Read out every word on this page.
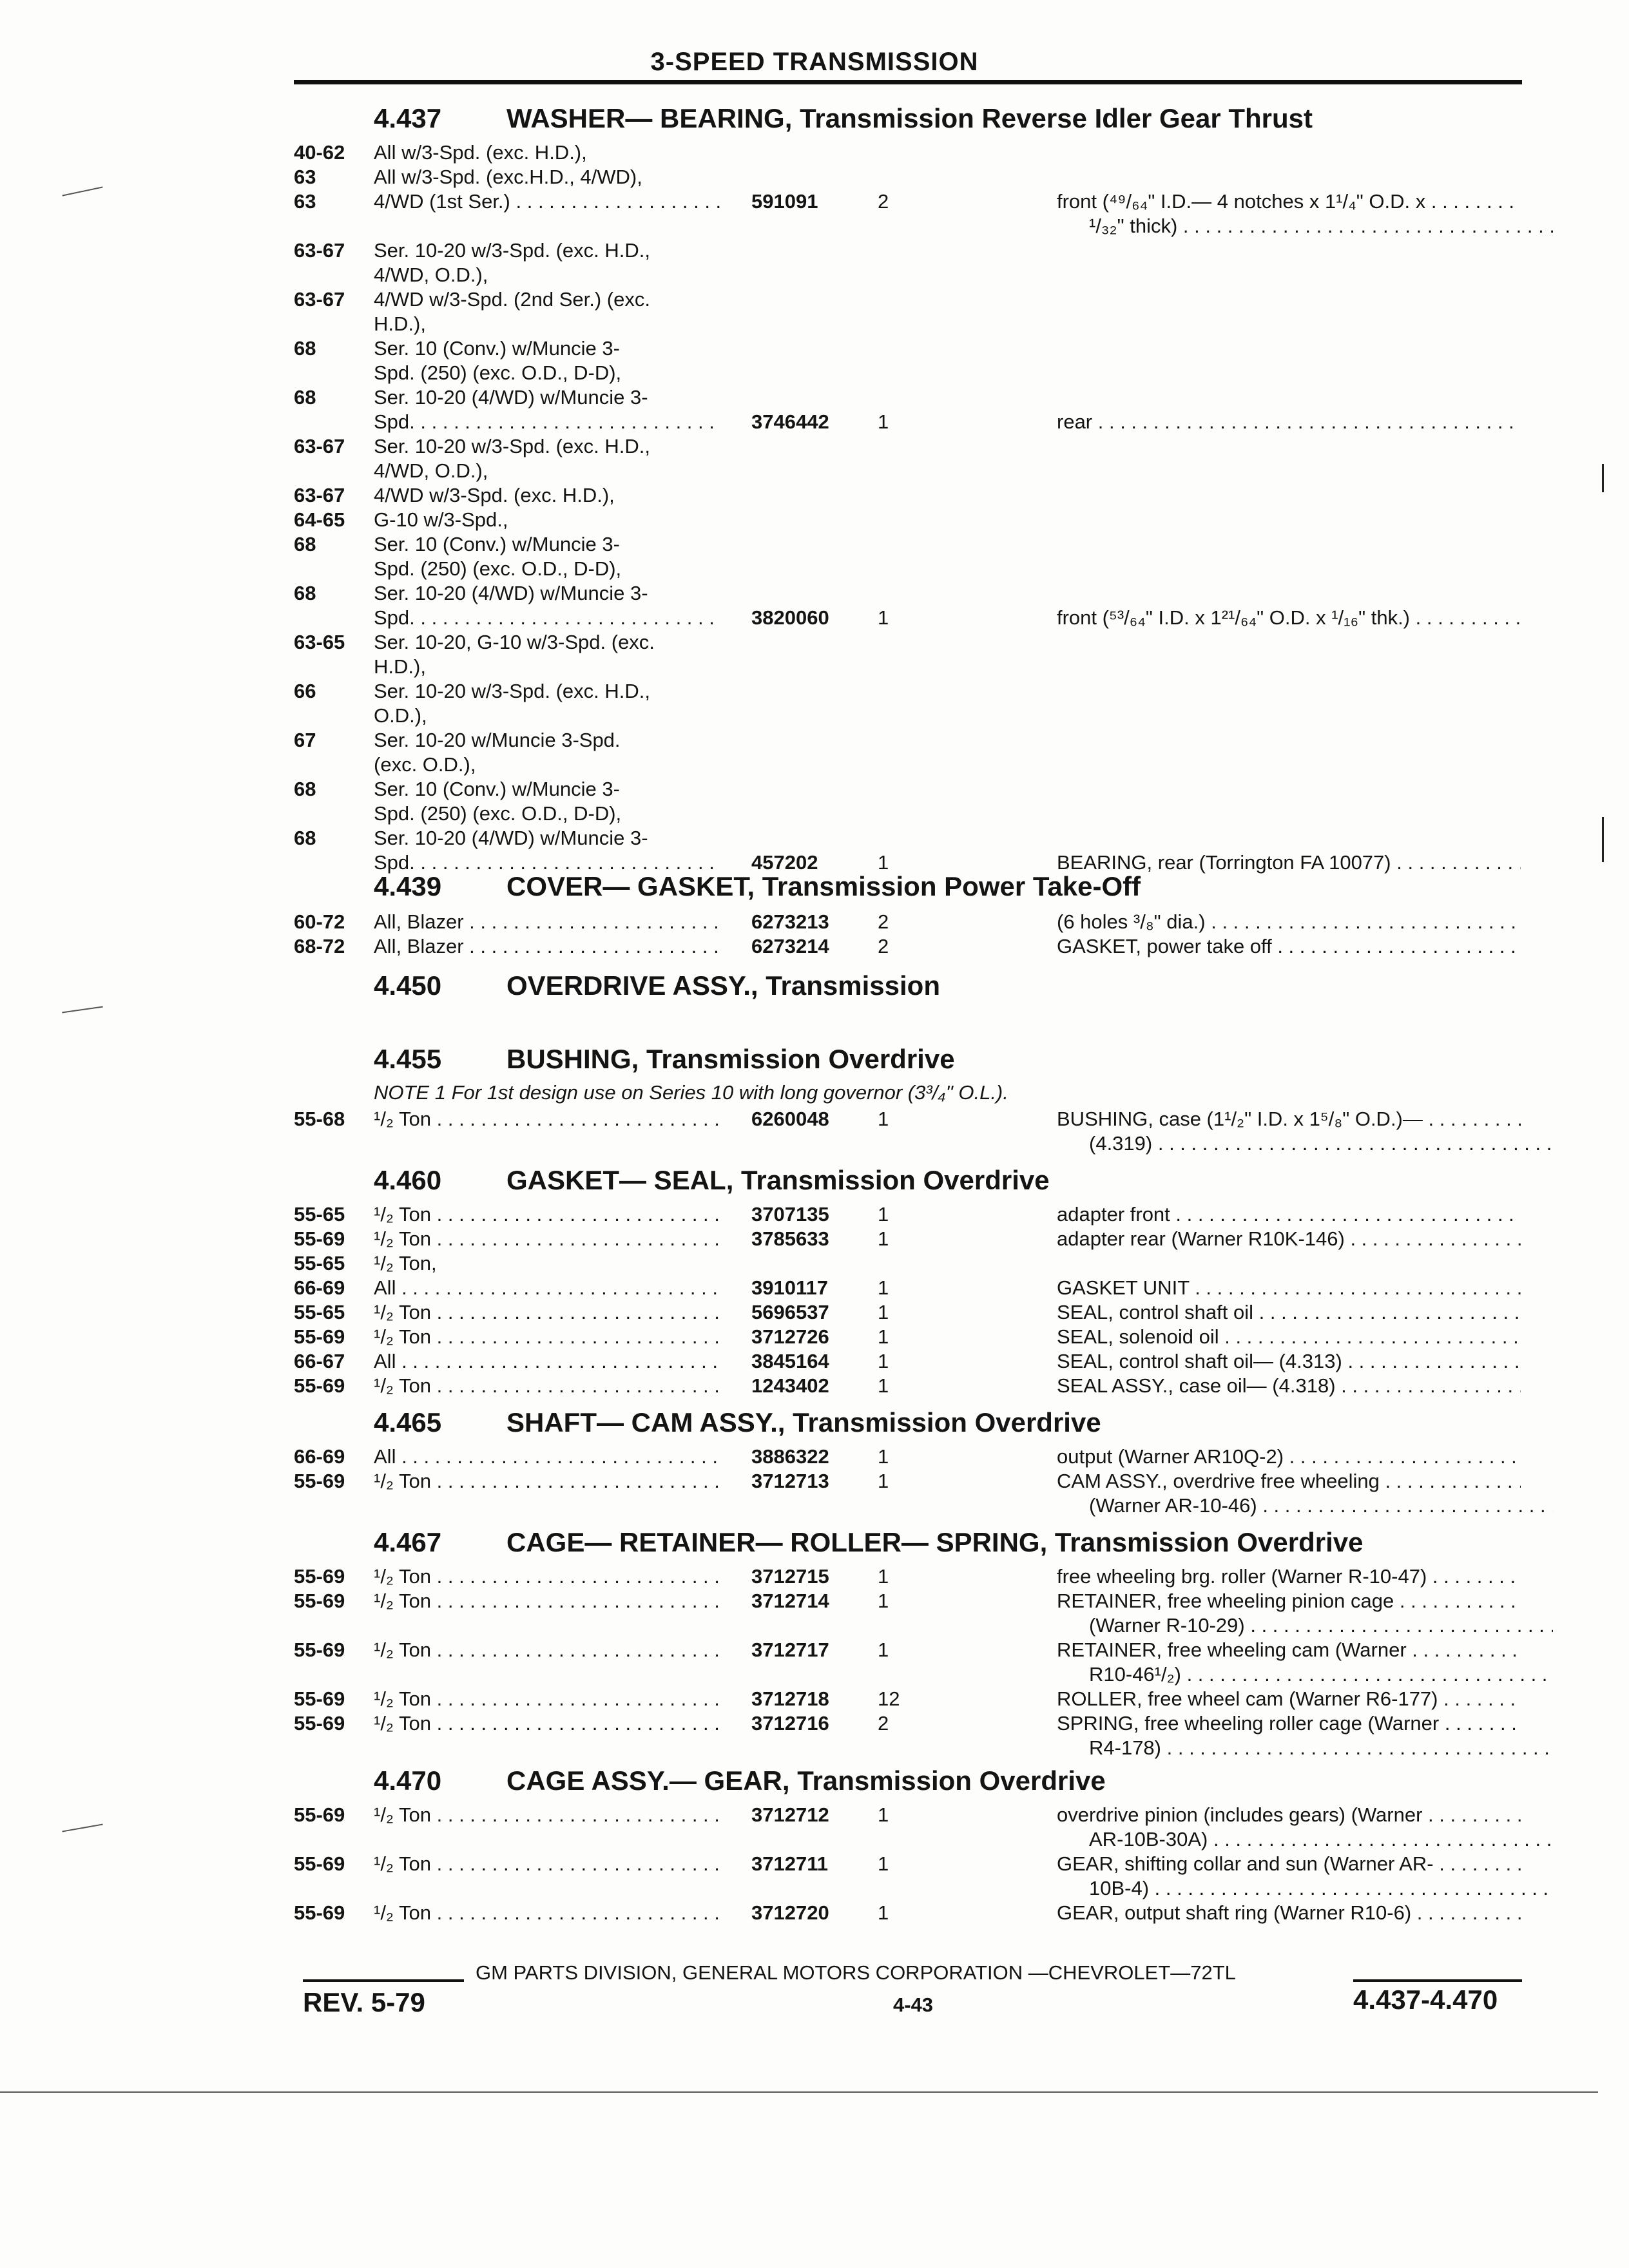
3-SPEED TRANSMISSION
4.437 WASHER— BEARING, Transmission Reverse Idler Gear Thrust
4.439 COVER— GASKET, Transmission Power Take-Off
4.450 OVERDRIVE ASSY., Transmission
4.455 BUSHING, Transmission Overdrive
NOTE 1 For 1st design use on Series 10 with long governor (3³/₄" O.L.).
4.460 GASKET— SEAL, Transmission Overdrive
4.465 SHAFT— CAM ASSY., Transmission Overdrive
4.467 CAGE— RETAINER— ROLLER— SPRING, Transmission Overdrive
4.470 CAGE ASSY.— GEAR, Transmission Overdrive
40-62 All w/3-Spd. (exc. H.D.),
63	All w/3-Spd. (exc.H.D., 4/WD),
63	4/WD (1st Ser.) . . .	591091	2	front (⁴⁹/₆₄" I.D.— 4 notches x 1¹/₄" O.D. x . . .
¹/₃₂" thick) . . .
63-67 Ser. 10-20 w/3-Spd. (exc. H.D.,
4/WD, O.D.),
63-67 4/WD w/3-Spd. (2nd Ser.) (exc.
H.D.),
68	Ser. 10 (Conv.) w/Muncie 3-
Spd. (250) (exc. O.D., D-D),
68	Ser. 10-20 (4/WD) w/Muncie 3-
Spd. . . .	3746442 1	rear . . .
63-67 Ser. 10-20 w/3-Spd. (exc. H.D.,
4/WD, O.D.),
63-67 4/WD w/3-Spd. (exc. H.D.),
64-65 G-10 w/3-Spd.,
68	Ser. 10 (Conv.) w/Muncie 3-
Spd. (250) (exc. O.D., D-D),
68	Ser. 10-20 (4/WD) w/Muncie 3-
Spd. . . .	3820060 1	front (⁵³/₆₄" I.D. x 1²¹/₆₄" O.D. x ¹/₁₆" thk.) . . .
63-65 Ser. 10-20, G-10 w/3-Spd. (exc.
H.D.),
66	Ser. 10-20 w/3-Spd. (exc. H.D.,
O.D.),
67	Ser. 10-20 w/Muncie 3-Spd.
(exc. O.D.),
68	Ser. 10 (Conv.) w/Muncie 3-
Spd. (250) (exc. O.D., D-D),
68	Ser. 10-20 (4/WD) w/Muncie 3-
Spd. . . .	457202	1	BEARING, rear (Torrington FA 10077) . . .
60-72 All, Blazer . . .	6273213 2	(6 holes ³/₈" dia.) . . .
68-72 All, Blazer . . .	6273214 2	GASKET, power take off . . .
55-68 ¹/₂ Ton . . .	6260048 1	BUSHING, case (1¹/₂" I.D. x 1⁵/₈" O.D.)— . . .
(4.319) . . .
55-65 ¹/₂ Ton . . .	3707135 1	adapter front . . .
55-69 ¹/₂ Ton . . .	3785633 1	adapter rear (Warner R10K-146) . . .
55-65 ¹/₂ Ton,
66-69 All . . .	3910117 1	GASKET UNIT . . .
55-65 ¹/₂ Ton . . .	5696537 1	SEAL, control shaft oil . . .
55-69 ¹/₂ Ton . . .	3712726 1	SEAL, solenoid oil . . .
66-67 All . . .	3845164 1	SEAL, control shaft oil— (4.313) . . .
55-69 ¹/₂ Ton . . .	1243402 1	SEAL ASSY., case oil— (4.318) . . .
66-69 All . . .	3886322 1	output (Warner AR10Q-2) . . .
55-69 ¹/₂ Ton . . .	3712713 1	CAM ASSY., overdrive free wheeling . . .
(Warner AR-10-46) . . .
55-69 ¹/₂ Ton . . .	3712715 1	free wheeling brg. roller (Warner R-10-47) . . .
55-69 ¹/₂ Ton . . .	3712714 1	RETAINER, free wheeling pinion cage . . .
(Warner R-10-29) . . .
55-69 ¹/₂ Ton . . .	3712717 1	RETAINER, free wheeling cam (Warner . . .
R10-46¹/₂) . . .
55-69 ¹/₂ Ton . . .	3712718 12	ROLLER, free wheel cam (Warner R6-177) . . .
55-69 ¹/₂ Ton . . .	3712716 2	SPRING, free wheeling roller cage (Warner . . .
R4-178) . . .
55-69 ¹/₂ Ton . . .	3712712 1	overdrive pinion (includes gears) (Warner . . .
AR-10B-30A) . . .
55-69 ¹/₂ Ton . . .	3712711 1	GEAR, shifting collar and sun (Warner AR- . . .
10B-4) . . .
55-69 ¹/₂ Ton . . .	3712720 1	GEAR, output shaft ring (Warner R10-6) . . .
GM PARTS DIVISION, GENERAL MOTORS CORPORATION —CHEVROLET—72TL
REV. 5-79	4-43	4.437-4.470
